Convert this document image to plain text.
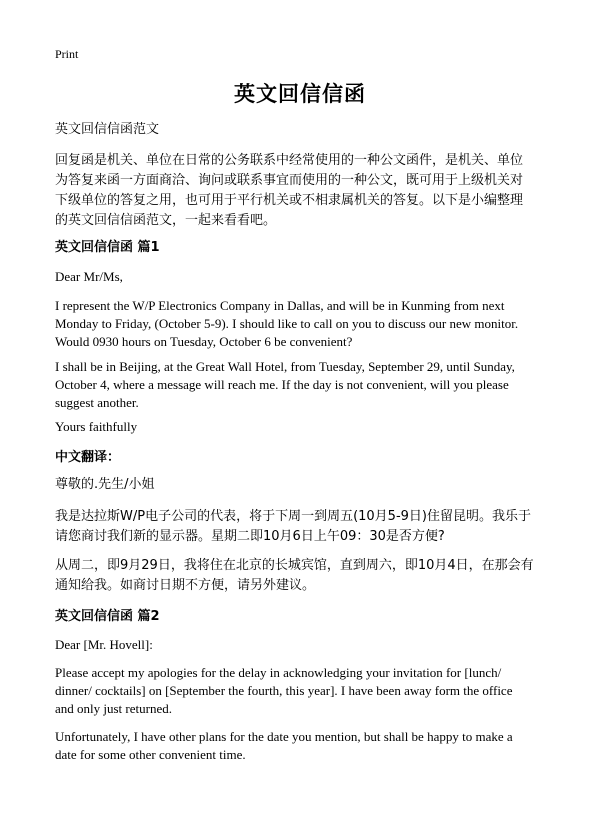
Print
英文回信信函
英文回信信函范文
回复函是机关、单位在日常的公务联系中经常使用的一种公文函件，是机关、单位
为答复来函一方面商洽、询问或联系事宜而使用的一种公文，既可用于上级机关对
下级单位的答复之用，也可用于平行机关或不相隶属机关的答复。以下是小编整理
的英文回信信函范文，一起来看看吧。
英文回信信函 篇1
Dear Mr/Ms,
I represent the W/P Electronics Company in Dallas, and will be in Kunming from next
Monday to Friday, (October 5-9). I should like to call on you to discuss our new monitor.
Would 0930 hours on Tuesday, October 6 be convenient?
I shall be in Beijing, at the Great Wall Hotel, from Tuesday, September 29, until Sunday,
October 4, where a message will reach me. If the day is not convenient, will you please
suggest another.
Yours faithfully
中文翻译：
尊敬的.先生/小姐
我是达拉斯W/P电子公司的代表，将于下周一到周五(10月5-9日)住留昆明。我乐于
请您商讨我们新的显示器。星期二即10月6日上午09：30是否方便?
从周二，即9月29日，我将住在北京的长城宾馆，直到周六，即10月4日，在那会有
通知给我。如商讨日期不方便，请另外建议。
英文回信信函 篇2
Dear [Mr. Hovell]:
Please accept my apologies for the delay in acknowledging your invitation for [lunch/
dinner/ cocktails] on [September the fourth, this year]. I have been away form the office
and only just returned.
Unfortunately, I have other plans for the date you mention, but shall be happy to make a
date for some other convenient time.
